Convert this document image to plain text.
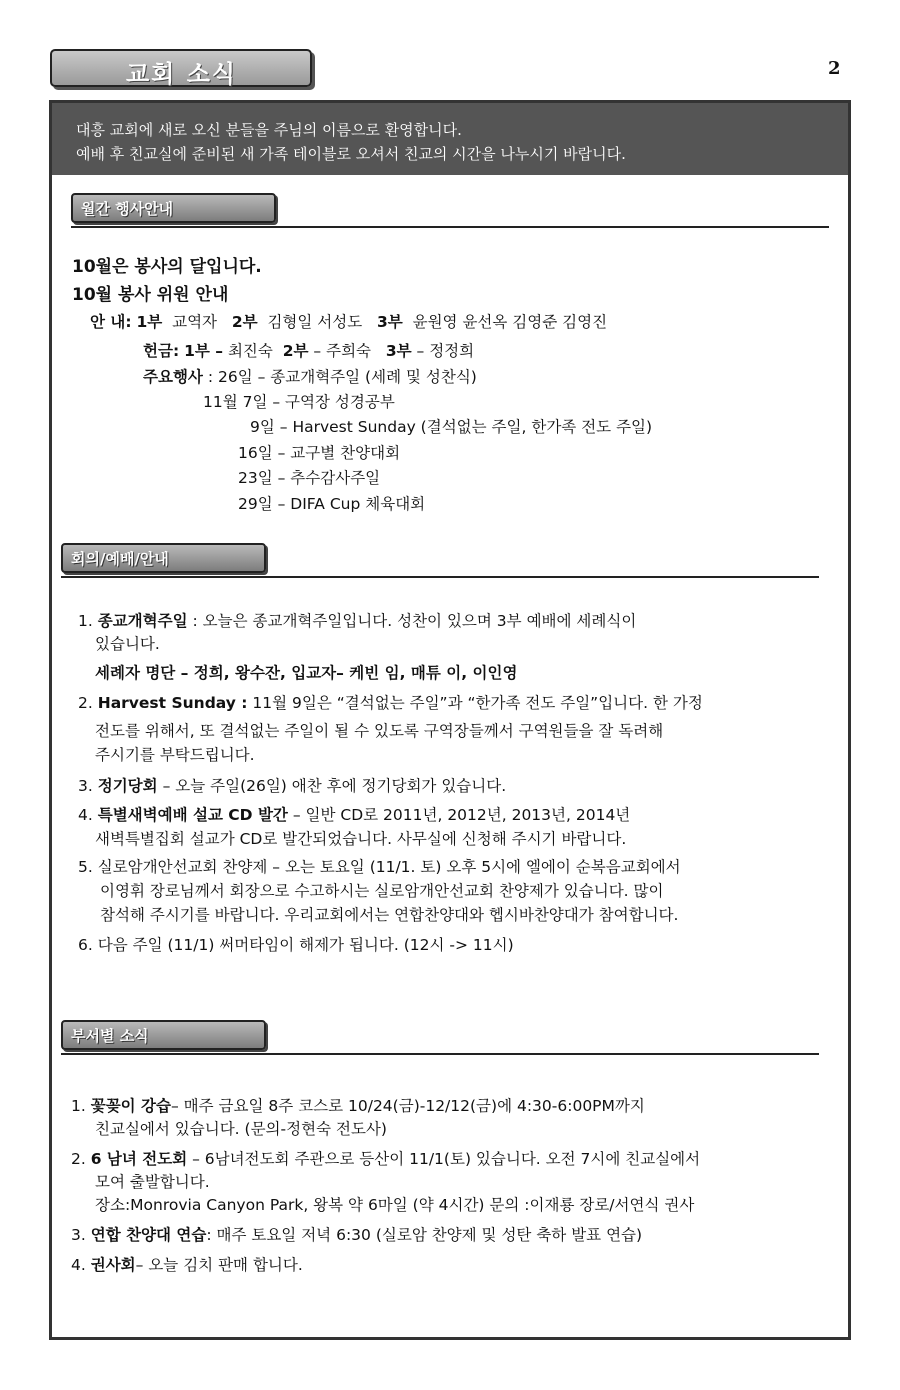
교회 소식	2
대흥 교회에 새로 오신 분들을 주님의 이름으로 환영합니다.
예배 후 친교실에 준비된 새 가족 테이블로 오셔서 친교의 시간을 나누시기 바랍니다.
월간 행사안내
10월은 봉사의 달입니다.
10월 봉사 위원 안내
안 내: 1부 교역자 2부 김형일 서성도 3부 윤원영 윤선옥 김영준 김영진
헌금: 1부 – 최진숙 2부 – 주희숙 3부 – 정정희
주요행사 : 26일 – 종교개혁주일 (세례 및 성찬식)
11월 7일 – 구역장 성경공부
9일 – Harvest Sunday (결석없는 주일, 한가족 전도 주일)
16일 – 교구별 찬양대회
23일 – 추수감사주일
29일 – DIFA Cup 체육대회
회의/예배/안내
1. 종교개혁주일 : 오늘은 종교개혁주일입니다. 성찬이 있으며 3부 예배에 세례식이
있습니다.
세례자 명단 – 정희, 왕수잔, 입교자– 케빈 임, 매튜 이, 이인영
2. Harvest Sunday : 11월 9일은 “결석없는 주일”과 “한가족 전도 주일”입니다. 한 가정
전도를 위해서, 또 결석없는 주일이 될 수 있도록 구역장들께서 구역원들을 잘 독려해
주시기를 부탁드립니다.
3. 정기당회 – 오늘 주일(26일) 애찬 후에 정기당회가 있습니다.
4. 특별새벽예배 설교 CD 발간 – 일반 CD로 2011년, 2012년, 2013년, 2014년
새벽특별집회 설교가 CD로 발간되었습니다. 사무실에 신청해 주시기 바랍니다.
5. 실로암개안선교회 찬양제 – 오는 토요일 (11/1. 토) 오후 5시에 엘에이 순복음교회에서
이영휘 장로님께서 회장으로 수고하시는 실로암개안선교회 찬양제가 있습니다. 많이
참석해 주시기를 바랍니다. 우리교회에서는 연합찬양대와 헵시바찬양대가 참여합니다.
6. 다음 주일 (11/1) 써머타임이 해제가 됩니다. (12시 -> 11시)
부서별 소식
1. 꽃꽂이 강습– 매주 금요일 8주 코스로 10/24(금)-12/12(금)에 4:30-6:00PM까지
친교실에서 있습니다. (문의-정현숙 전도사)
2. 6 남녀 전도회 – 6남녀전도회 주관으로 등산이 11/1(토) 있습니다. 오전 7시에 친교실에서
모여 출발합니다.
장소:Monrovia Canyon Park, 왕복 약 6마일 (약 4시간) 문의 :이재룡 장로/서연식 권사
3. 연합 찬양대 연습: 매주 토요일 저녁 6:30 (실로암 찬양제 및 성탄 축하 발표 연습)
4. 권사회– 오늘 김치 판매 합니다.
